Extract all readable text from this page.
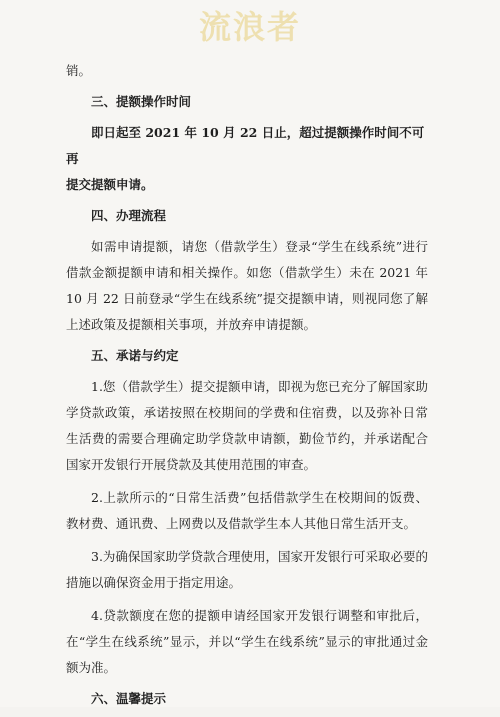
流浪者

销。

三、提额操作时间

即日起至 2021 年 10 月 22 日止，超过提额操作时间不可再

提交提额申请。

四、办理流程

如需申请提额，请您（借款学生）登录“学生在线系统”进行借款金额提额申请和相关操作。如您（借款学生）未在 2021 年 10 月 22 日前登录“学生在线系统”提交提额申请，则视同您了解上述政策及提额相关事项，并放弃申请提额。

五、承诺与约定

1.您（借款学生）提交提额申请，即视为您已充分了解国家助学贷款政策，承诺按照在校期间的学费和住宿费，以及弥补日常生活费的需要合理确定助学贷款申请额，勤俭节约，并承诺配合国家开发银行开展贷款及其使用范围的审查。

2.上款所示的“日常生活费”包括借款学生在校期间的饭费、教材费、通讯费、上网费以及借款学生本人其他日常生活开支。

3.为确保国家助学贷款合理使用，国家开发银行可采取必要的措施以确保资金用于指定用途。

4.贷款额度在您的提额申请经国家开发银行调整和审批后，在“学生在线系统”显示，并以“学生在线系统”显示的审批通过金额为准。

六、温馨提示
